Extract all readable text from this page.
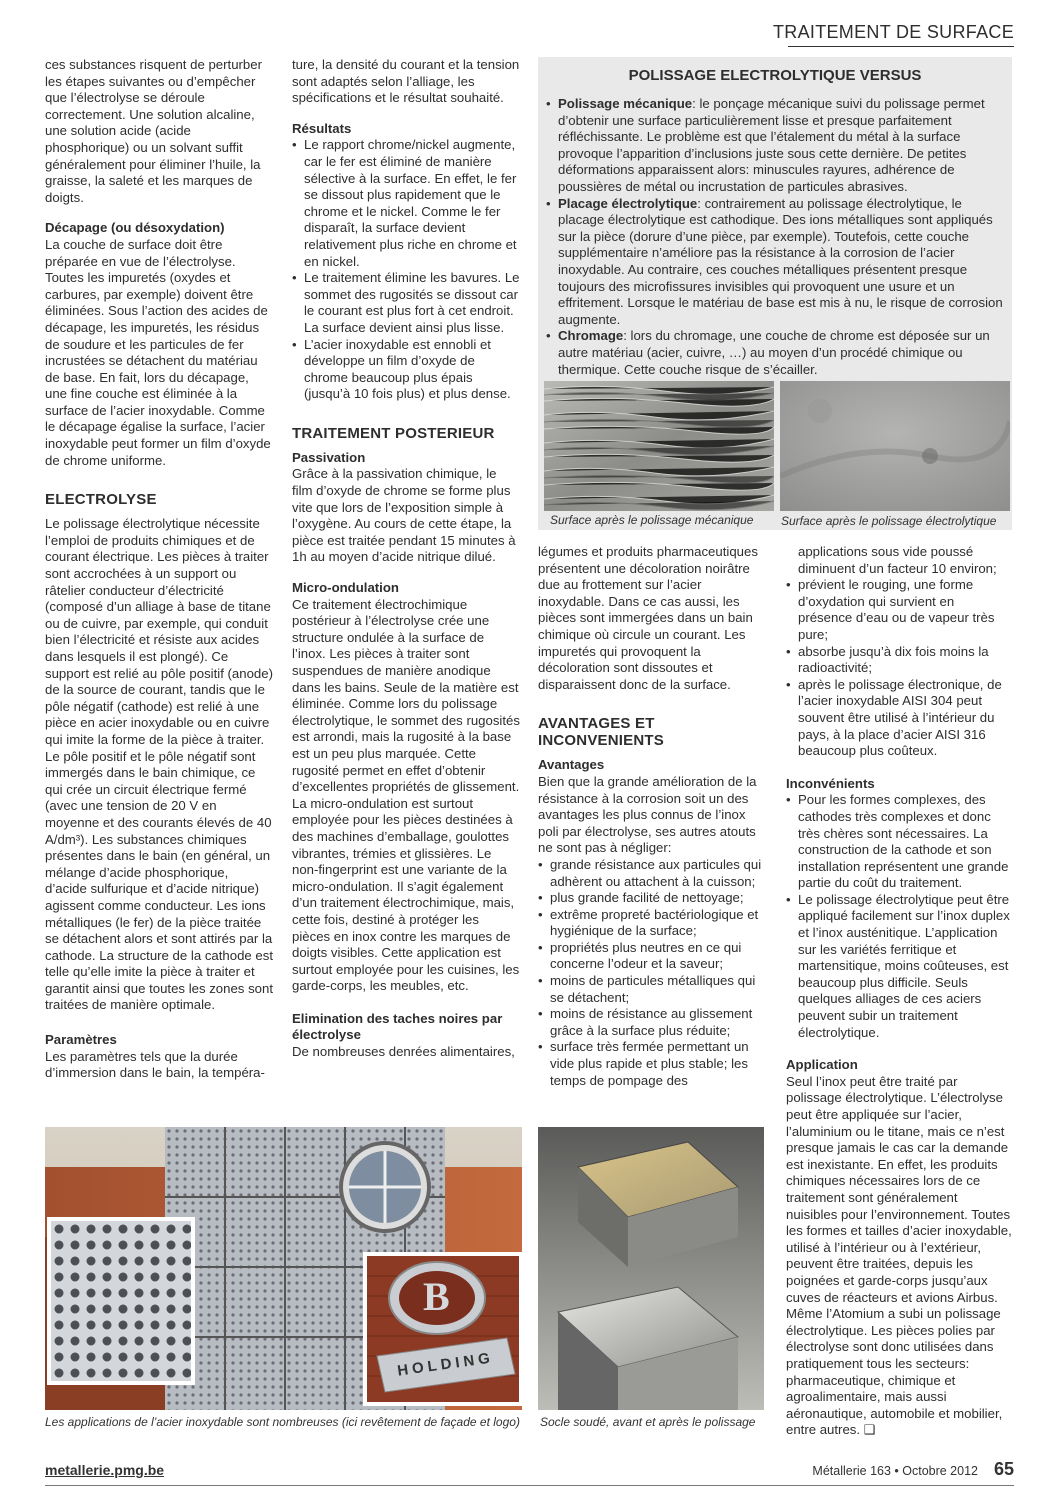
TRAITEMENT DE SURFACE

ces substances risquent de perturber les étapes suivantes ou d’empêcher que l’électrolyse se déroule correctement. Une solution alcaline, une solution acide (acide phosphorique) ou un solvant suffit généralement pour éliminer l’huile, la graisse, la saleté et les marques de doigts.

Décapage (ou désoxydation)

La couche de surface doit être préparée en vue de l’électrolyse. Toutes les impuretés (oxydes et carbures, par exemple) doivent être éliminées. Sous l’action des acides de décapage, les impuretés, les résidus de soudure et les particules de fer incrustées se détachent du matériau de base. En fait, lors du décapage, une fine couche est éliminée à la surface de l’acier inoxydable. Comme le décapage égalise la surface, l’acier inoxydable peut former un film d’oxyde de chrome uniforme.

ELECTROLYSE

Le polissage électrolytique nécessite l’emploi de produits chimiques et de courant électrique. Les pièces à traiter sont accrochées à un support ou râtelier conducteur d’électricité (composé d’un alliage à base de titane ou de cuivre, par exemple, qui conduit bien l’électricité et résiste aux acides dans lesquels il est plongé). Ce support est relié au pôle positif (anode) de la source de courant, tandis que le pôle négatif (cathode) est relié à une pièce en acier inoxydable ou en cuivre qui imite la forme de la pièce à traiter. Le pôle positif et le pôle négatif sont immergés dans le bain chimique, ce qui crée un circuit électrique fermé (avec une tension de 20 V en moyenne et des courants élevés de 40 A/dm³). Les substances chimiques présentes dans le bain (en général, un mélange d’acide phosphorique, d’acide sulfurique et d’acide nitrique) agissent comme conducteur. Les ions métalliques (le fer) de la pièce traitée se détachent alors et sont attirés par la cathode. La structure de la cathode est telle qu’elle imite la pièce à traiter et garantit ainsi que toutes les zones sont traitées de manière optimale.

Paramètres

Les paramètres tels que la durée d’immersion dans le bain, la tempéra-

ture, la densité du courant et la tension sont adaptés selon l’alliage, les spécifications et le résultat souhaité.

Résultats

• Le rapport chrome/nickel augmente, car le fer est éliminé de manière sélective à la surface. En effet, le fer se dissout plus rapidement que le chrome et le nickel. Comme le fer disparaît, la surface devient relativement plus riche en chrome et en nickel.
• Le traitement élimine les bavures. Le sommet des rugosités se dissout car le courant est plus fort à cet endroit. La surface devient ainsi plus lisse.
• L’acier inoxydable est ennobli et développe un film d’oxyde de chrome beaucoup plus épais (jusqu’à 10 fois plus) et plus dense.
TRAITEMENT POSTERIEUR

Passivation

Grâce à la passivation chimique, le film d’oxyde de chrome se forme plus vite que lors de l’exposition simple à l’oxygène. Au cours de cette étape, la pièce est traitée pendant 15 minutes à 1h au moyen d’acide nitrique dilué.

Micro-ondulation

Ce traitement électrochimique postérieur à l’électrolyse crée une structure ondulée à la surface de l’inox. Les pièces à traiter sont suspendues de manière anodique dans les bains. Seule de la matière est éliminée. Comme lors du polissage électrolytique, le sommet des rugosités est arrondi, mais la rugosité à la base est un peu plus marquée. Cette rugosité permet en effet d’obtenir d’excellentes propriétés de glissement. La micro-ondulation est surtout employée pour les pièces destinées à des machines d’emballage, goulottes vibrantes, trémies et glissières. Le non-fingerprint est une variante de la micro-ondulation. Il s’agit également d’un traitement électrochimique, mais, cette fois, destiné à protéger les pièces en inox contre les marques de doigts visibles. Cette application est surtout employée pour les cuisines, les garde-corps, les meubles, etc.

Elimination des taches noires par électrolyse

De nombreuses denrées alimentaires,

POLISSAGE ELECTROLYTIQUE VERSUS
• Polissage mécanique: le ponçage mécanique suivi du polissage permet d’obtenir une surface particulièrement lisse et presque parfaitement réfléchissante. Le problème est que l’étalement du métal à la surface provoque l’apparition d’inclusions juste sous cette dernière. De petites déformations apparaissent alors: minuscules rayures, adhérence de poussières de métal ou incrustation de particules abrasives.
• Placage électrolytique: contrairement au polissage électrolytique, le placage électrolytique est cathodique. Des ions métalliques sont appliqués sur la pièce (dorure d’une pièce, par exemple). Toutefois, cette couche supplémentaire n’améliore pas la résistance à la corrosion de l’acier inoxydable. Au contraire, ces couches métalliques présentent presque toujours des microfissures invisibles qui provoquent une usure et un effritement. Lorsque le matériau de base est mis à nu, le risque de corrosion augmente.
• Chromage: lors du chromage, une couche de chrome est déposée sur un autre matériau (acier, cuivre, …) au moyen d’un procédé chimique ou thermique. Cette couche risque de s’écailler.
Surface après le polissage mécanique Surface après le polissage électrolytique

légumes et produits pharmaceutiques présentent une décoloration noirâtre due au frottement sur l’acier inoxydable. Dans ce cas aussi, les pièces sont immergées dans un bain chimique où circule un courant. Les impuretés qui provoquent la décoloration sont dissoutes et disparaissent donc de la surface.

AVANTAGES ET INCONVENIENTS

Avantages

Bien que la grande amélioration de la résistance à la corrosion soit un des avantages les plus connus de l’inox poli par électrolyse, ses autres atouts ne sont pas à négliger:

• grande résistance aux particules qui adhèrent ou attachent à la cuisson;
• plus grande facilité de nettoyage;
• extrême propreté bactériologique et hygiénique de la surface;
• propriétés plus neutres en ce qui concerne l’odeur et la saveur;
• moins de particules métalliques qui se détachent;
• moins de résistance au glissement grâce à la surface plus réduite;
• surface très fermée permettant un vide plus rapide et plus stable; les temps de pompage des

applications sous vide poussé diminuent d’un facteur 10 environ;

• prévient le rouging, une forme d’oxydation qui survient en présence d’eau ou de vapeur très pure;
• absorbe jusqu’à dix fois moins la radioactivité;
• après le polissage électronique, de l’acier inoxydable AISI 304 peut souvent être utilisé à l’intérieur du pays, à la place d’acier AISI 316 beaucoup plus coûteux.

Inconvénients

• Pour les formes complexes, des cathodes très complexes et donc très chères sont nécessaires. La construction de la cathode et son installation représentent une grande partie du coût du traitement.
• Le polissage électrolytique peut être appliqué facilement sur l’inox duplex et l’inox austénitique. L’application sur les variétés ferritique et martensitique, moins coûteuses, est beaucoup plus difficile. Seuls quelques alliages de ces aciers peuvent subir un traitement électrolytique.

Application

Seul l’inox peut être traité par polissage électrolytique. L’électrolyse peut être appliquée sur l’acier, l’aluminium ou le titane, mais ce n’est presque jamais le cas car la demande est inexistante. En effet, les produits chimiques nécessaires lors de ce traitement sont généralement nuisibles pour l’environnement. Toutes les formes et tailles d’acier inoxydable, utilisé à l’intérieur ou à l’extérieur, peuvent être traitées, depuis les poignées et garde-corps jusqu’aux cuves de réacteurs et avions Airbus. Même l’Atomium a subi un polissage électrolytique. Les pièces polies par électrolyse sont donc utilisées dans pratiquement tous les secteurs: pharmaceutique, chimique et agroalimentaire, mais aussi aéronautique, automobile et mobilier, entre autres. ❑

B
HOLDING
Les applications de l’acier inoxydable sont nombreuses (ici revêtement de façade et logo) Socle soudé, avant et après le polissage
metallerie.pmg.be	Métallerie 163 • Octobre 2012 65
